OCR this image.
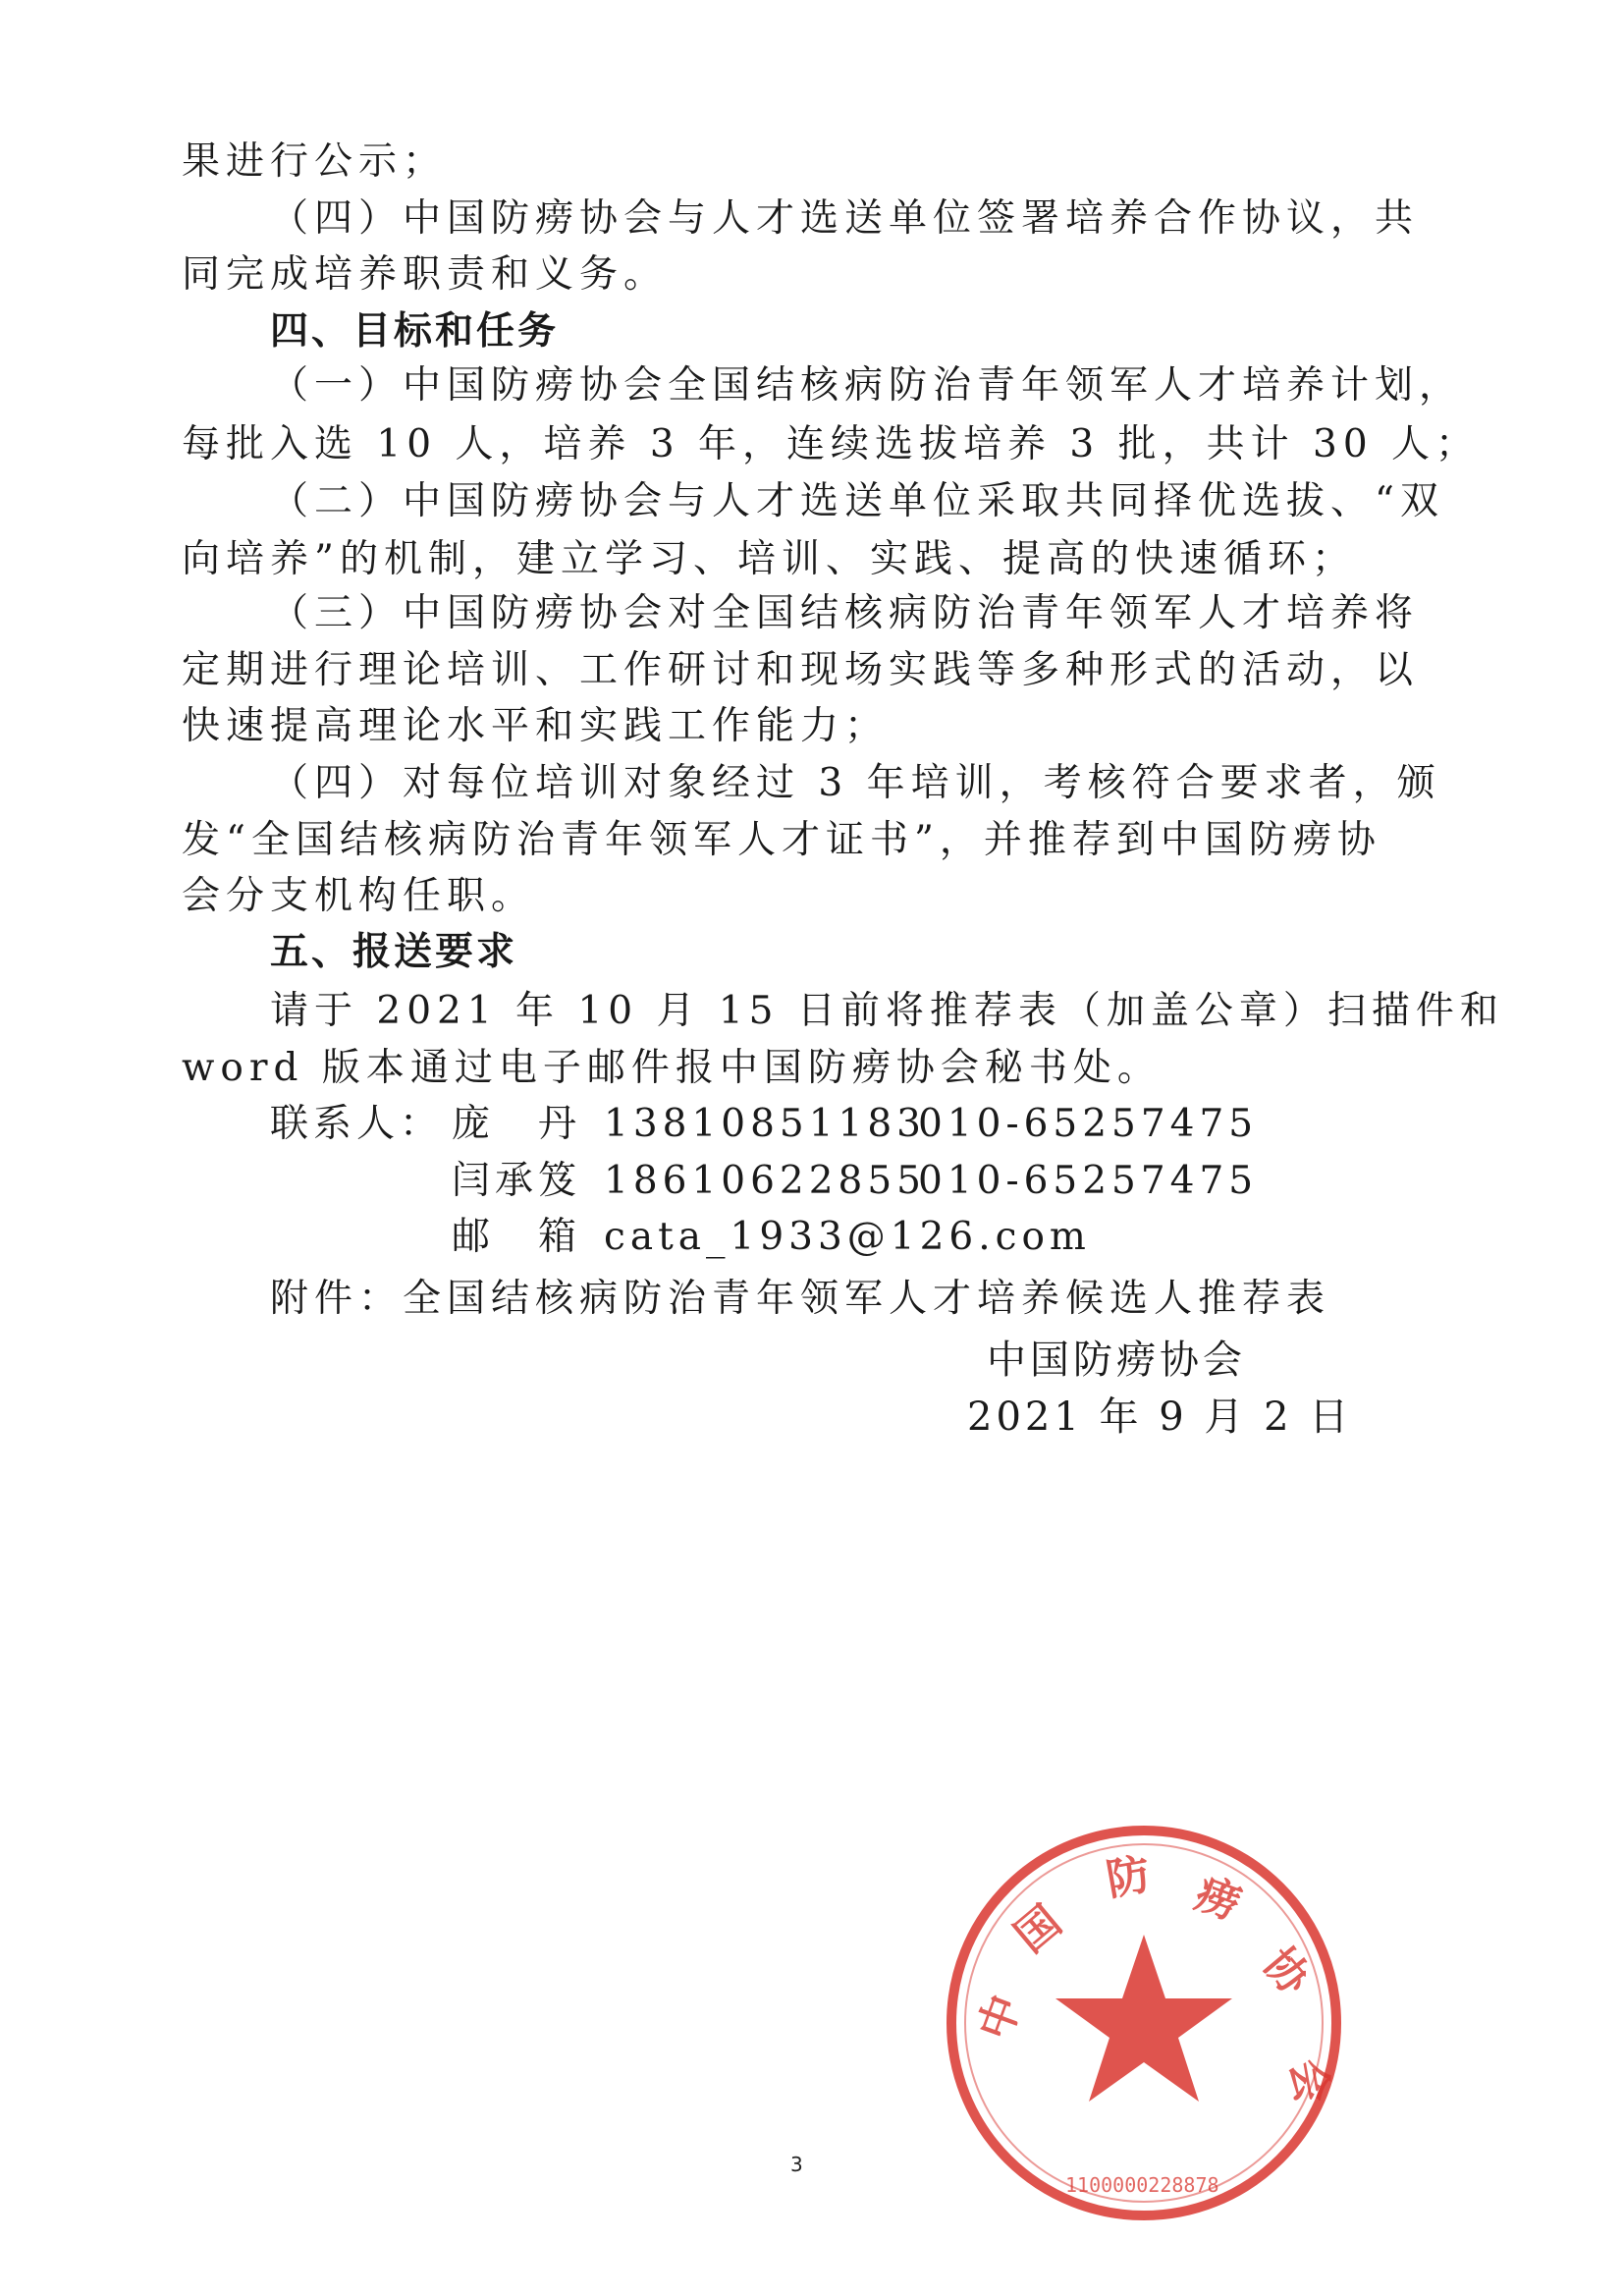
果进行公示；
（四）中国防痨协会与人才选送单位签署培养合作协议，共
同完成培养职责和义务。
四、目标和任务
（一）中国防痨协会全国结核病防治青年领军人才培养计划，
每批入选 10 人，培养 3 年，连续选拔培养 3 批，共计 30 人；
（二）中国防痨协会与人才选送单位采取共同择优选拔、“双
向培养”的机制，建立学习、培训、实践、提高的快速循环；
（三）中国防痨协会对全国结核病防治青年领军人才培养将
定期进行理论培训、工作研讨和现场实践等多种形式的活动，以
快速提高理论水平和实践工作能力；
（四）对每位培训对象经过 3 年培训，考核符合要求者，颁
发“全国结核病防治青年领军人才证书”，并推荐到中国防痨协
会分支机构任职。
五、报送要求
请于 2021 年 10 月 15 日前将推荐表（加盖公章）扫描件和
word 版本通过电子邮件报中国防痨协会秘书处。
联系人： 庞　丹 13810851183010-65257475
闫承笈 18610622855010-65257475
邮　箱 cata_1933@126.com
附件：全国结核病防治青年领军人才培养候选人推荐表
中
国
防 痨
协
会
1100000228878
中国防痨协会
2021 年 9 月 2 日
3
